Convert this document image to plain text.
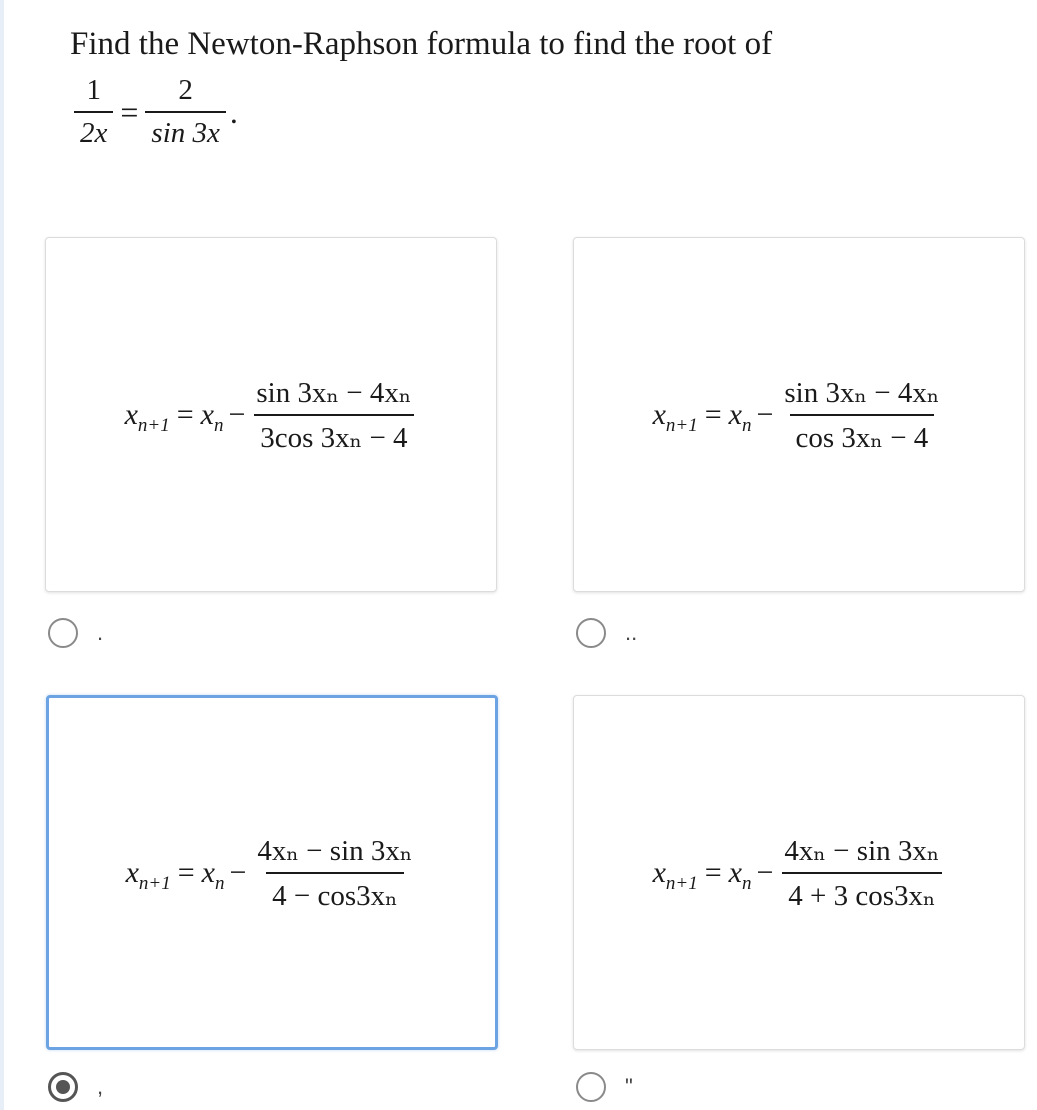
Find the Newton-Raphson formula to find the root of
$\frac{1}{2x} = \frac{2}{\sin 3x}$ .
x n+1 = x $n - \frac{\text{sin 3xₙ − 4xₙ}}{\text{3cos 3xₙ − 4}}$	x n+1 = x $n - \frac{\text{sin 3xₙ − 4xₙ}}{\text{cos 3xₙ − 4}}$
x n+1 = x $n - \frac{\text{4xₙ − sin 3xₙ}}{\text{4 − cos3xₙ}}$	x n+1 = x $n - \frac{\text{4xₙ − sin 3xₙ}}{\text{4 + 3 cos3xₙ}}$
.	..
,	"
